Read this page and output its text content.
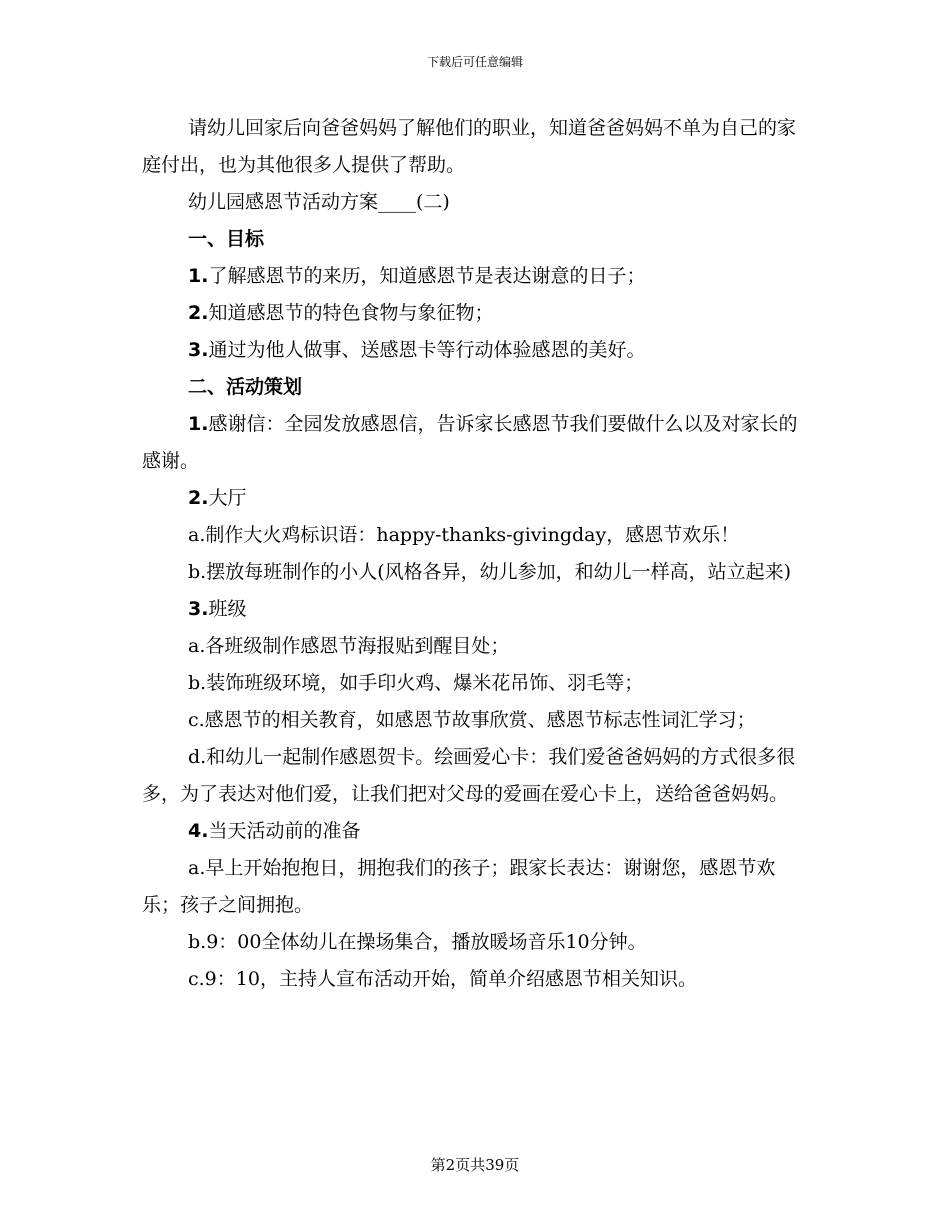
下载后可任意编辑

请幼儿回家后向爸爸妈妈了解他们的职业，知道爸爸妈妈不单为自己的家庭付出，也为其他很多人提供了帮助。

幼儿园感恩节活动方案____(二)

一、目标

1.了解感恩节的来历，知道感恩节是表达谢意的日子；

2.知道感恩节的特色食物与象征物；

3.通过为他人做事、送感恩卡等行动体验感恩的美好。

二、活动策划

1.感谢信：全园发放感恩信，告诉家长感恩节我们要做什么以及对家长的感谢。

2.大厅

a.制作大火鸡标识语：happy-thanks-givingday，感恩节欢乐！

b.摆放每班制作的小人(风格各异，幼儿参加，和幼儿一样高，站立起来)

3.班级

a.各班级制作感恩节海报贴到醒目处；

b.装饰班级环境，如手印火鸡、爆米花吊饰、羽毛等；

c.感恩节的相关教育，如感恩节故事欣赏、感恩节标志性词汇学习；

d.和幼儿一起制作感恩贺卡。绘画爱心卡：我们爱爸爸妈妈的方式很多很多，为了表达对他们爱，让我们把对父母的爱画在爱心卡上，送给爸爸妈妈。

4.当天活动前的准备

a.早上开始抱抱日，拥抱我们的孩子；跟家长表达：谢谢您，感恩节欢乐；孩子之间拥抱。

b.9：00全体幼儿在操场集合，播放暖场音乐10分钟。

c.9：10，主持人宣布活动开始，简单介绍感恩节相关知识。

第2页共39页
